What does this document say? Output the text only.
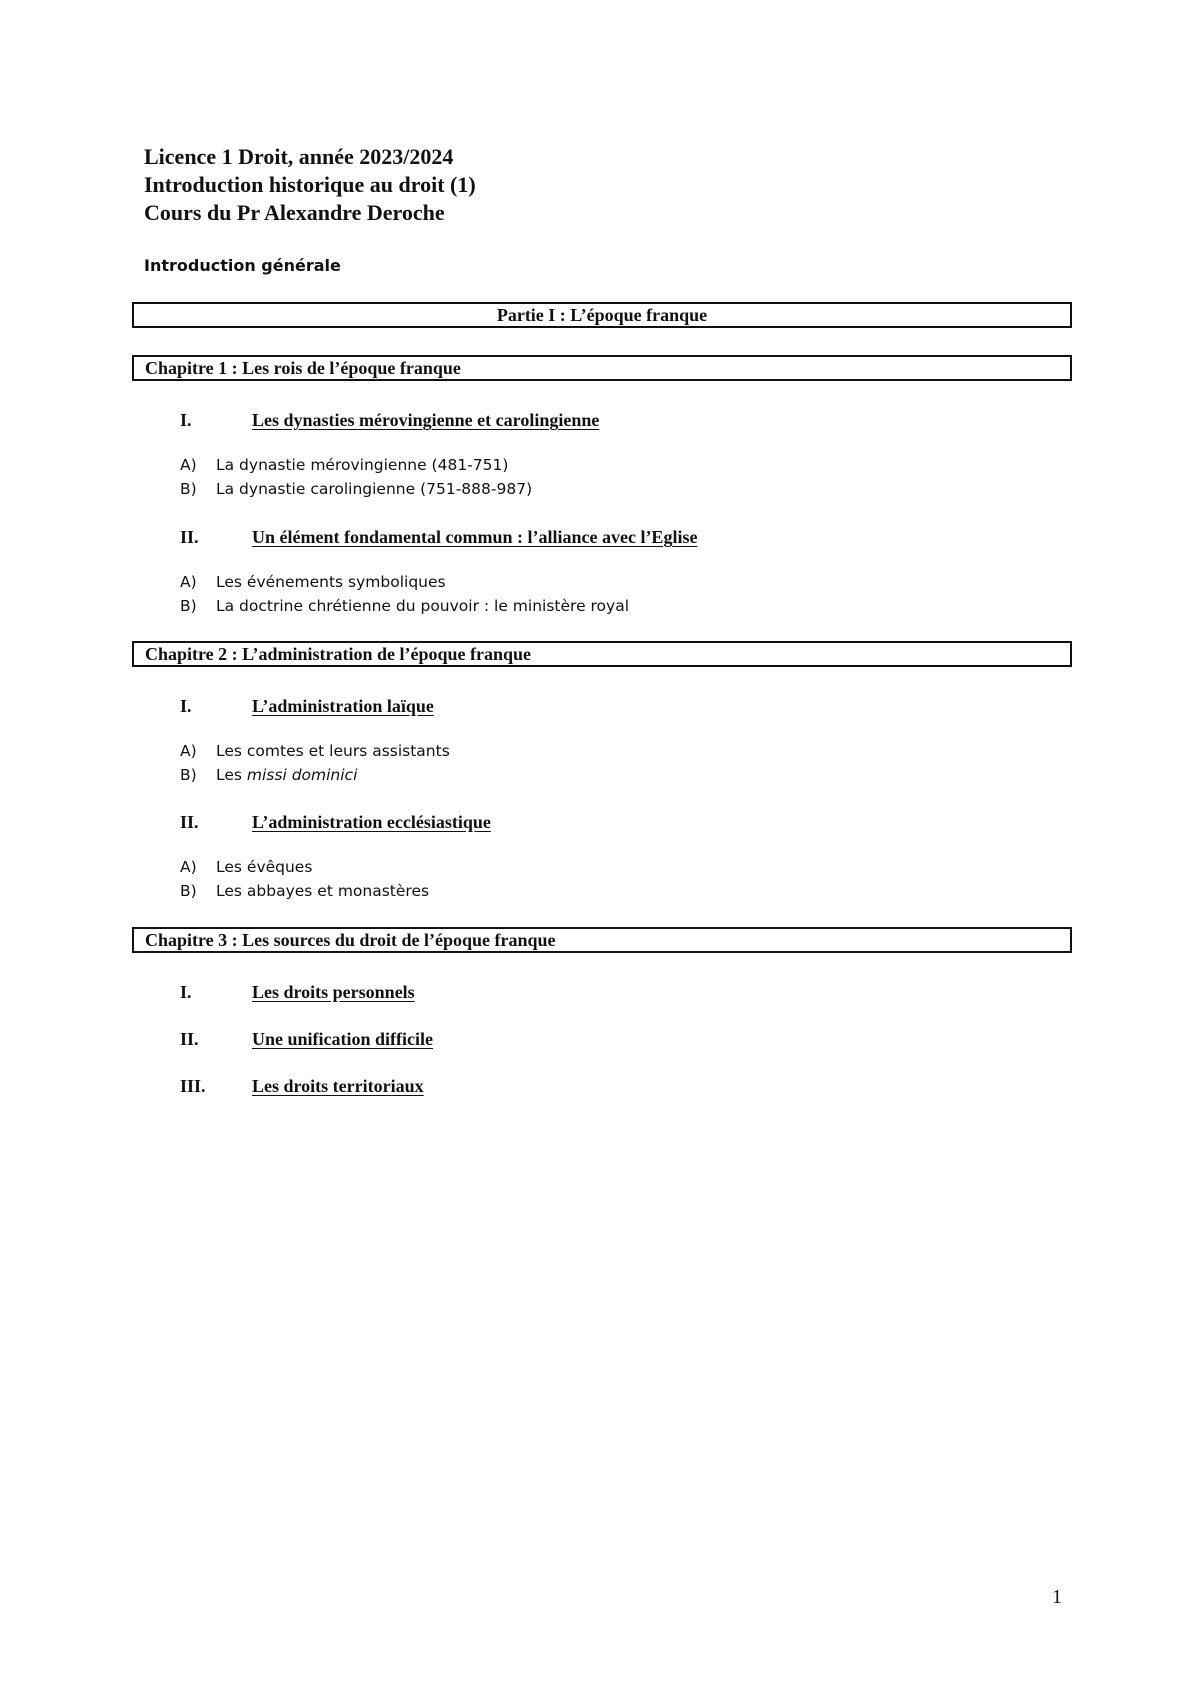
Licence 1 Droit, année 2023/2024
Introduction historique au droit (1)
Cours du Pr Alexandre Deroche
Introduction générale
Partie I : L’époque franque
Chapitre 1 : Les rois de l’époque franque
I.	Les dynasties mérovingienne et carolingienne
A) La dynastie mérovingienne (481-751)
B) La dynastie carolingienne (751-888-987)
II.	Un élément fondamental commun : l’alliance avec l’Eglise
A) Les événements symboliques
B) La doctrine chrétienne du pouvoir : le ministère royal
Chapitre 2 : L’administration de l’époque franque
I.	L’administration laïque
A) Les comtes et leurs assistants
B) Les missi dominici
II.	L’administration ecclésiastique
A) Les évêques
B) Les abbayes et monastères
Chapitre 3 : Les sources du droit de l’époque franque
I.	Les droits personnels
II.	Une unification difficile
III.	Les droits territoriaux
1
